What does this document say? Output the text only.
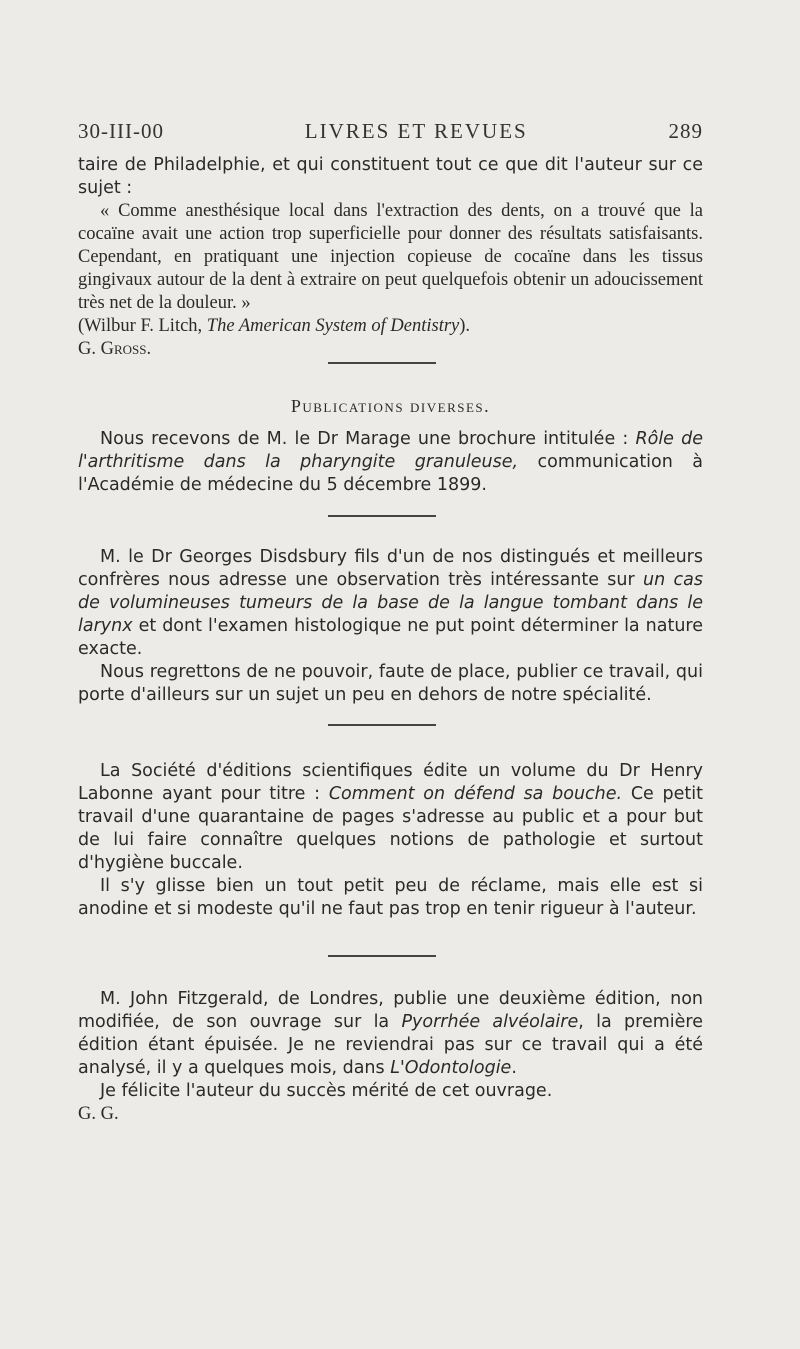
30-III-00	LIVRES ET REVUES	289

taire de Philadelphie, et qui constituent tout ce que dit l'auteur sur ce sujet :

« Comme anesthésique local dans l'extraction des dents, on a trouvé que la cocaïne avait une action trop superficielle pour donner des résultats satisfaisants. Cependant, en pratiquant une injection copieuse de cocaïne dans les tissus gingivaux autour de la dent à extraire on peut quelquefois obtenir un adoucissement très net de la douleur. »

(Wilbur F. Litch, The American System of Dentistry).

G. Gross.

Publications diverses.

Nous recevons de M. le Dr Marage une brochure intitulée : Rôle de l'arthritisme dans la pharyngite granuleuse, communication à l'Académie de médecine du 5 décembre 1899.

M. le Dr Georges Disdsbury fils d'un de nos distingués et meilleurs confrères nous adresse une observation très intéressante sur un cas de volumineuses tumeurs de la base de la langue tombant dans le larynx et dont l'examen histologique ne put point déterminer la nature exacte.

Nous regrettons de ne pouvoir, faute de place, publier ce travail, qui porte d'ailleurs sur un sujet un peu en dehors de notre spécialité.

La Société d'éditions scientifiques édite un volume du Dr Henry Labonne ayant pour titre : Comment on défend sa bouche. Ce petit travail d'une quarantaine de pages s'adresse au public et a pour but de lui faire connaître quelques notions de pathologie et surtout d'hygiène buccale.

Il s'y glisse bien un tout petit peu de réclame, mais elle est si anodine et si modeste qu'il ne faut pas trop en tenir rigueur à l'auteur.

M. John Fitzgerald, de Londres, publie une deuxième édition, non modifiée, de son ouvrage sur la Pyorrhée alvéolaire, la première édition étant épuisée. Je ne reviendrai pas sur ce travail qui a été analysé, il y a quelques mois, dans L'Odontologie.

Je félicite l'auteur du succès mérité de cet ouvrage.

G. G.
